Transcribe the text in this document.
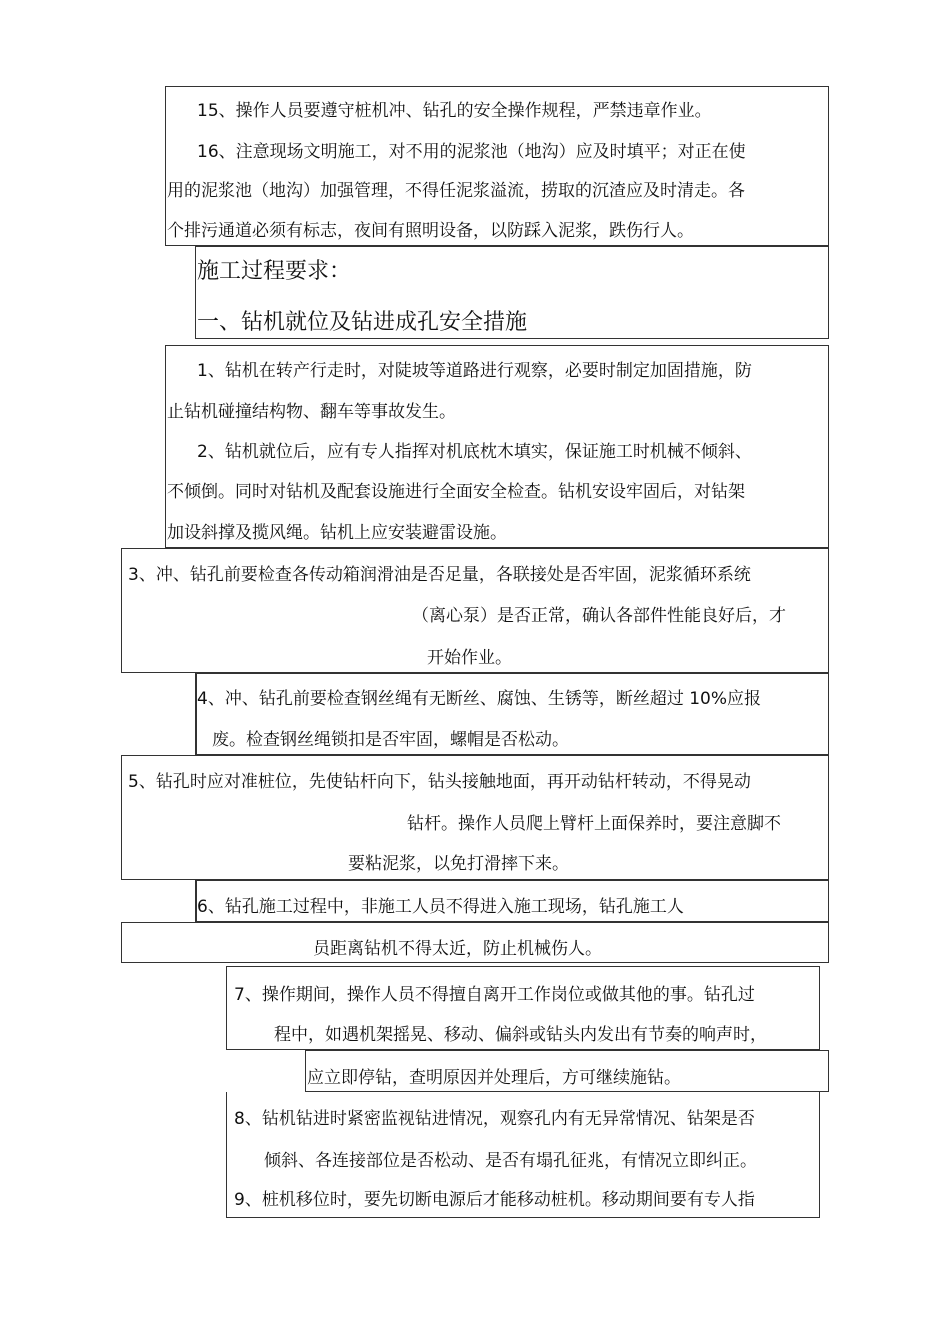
15、操作人员要遵守桩机冲、钻孔的安全操作规程，严禁违章作业。
16、注意现场文明施工，对不用的泥浆池（地沟）应及时填平；对正在使
用的泥浆池（地沟）加强管理，不得任泥浆溢流，捞取的沉渣应及时清走。各
个排污通道必须有标志，夜间有照明设备，以防踩入泥浆，跌伤行人。
施工过程要求：
一、钻机就位及钻进成孔安全措施
1、钻机在转产行走时，对陡坡等道路进行观察，必要时制定加固措施，防
止钻机碰撞结构物、翻车等事故发生。
2、钻机就位后，应有专人指挥对机底枕木填实，保证施工时机械不倾斜、
不倾倒。同时对钻机及配套设施进行全面安全检查。钻机安设牢固后，对钻架
加设斜撑及揽风绳。钻机上应安装避雷设施。
3、冲、钻孔前要检查各传动箱润滑油是否足量，各联接处是否牢固，泥浆循环系统
（离心泵）是否正常，确认各部件性能良好后，才
开始作业。
4、冲、钻孔前要检查钢丝绳有无断丝、腐蚀、生锈等，断丝超过 10%应报
废。检查钢丝绳锁扣是否牢固，螺帽是否松动。
5、钻孔时应对准桩位，先使钻杆向下，钻头接触地面，再开动钻杆转动，不得晃动
钻杆。操作人员爬上臂杆上面保养时，要注意脚不
要粘泥浆，以免打滑摔下来。
6、钻孔施工过程中，非施工人员不得进入施工现场，钻孔施工人
员距离钻机不得太近，防止机械伤人。
7、操作期间，操作人员不得擅自离开工作岗位或做其他的事。钻孔过
程中，如遇机架摇晃、移动、偏斜或钻头内发出有节奏的响声时，
应立即停钻，查明原因并处理后，方可继续施钻。
8、钻机钻进时紧密监视钻进情况，观察孔内有无异常情况、钻架是否
倾斜、各连接部位是否松动、是否有塌孔征兆，有情况立即纠正。
9、桩机移位时，要先切断电源后才能移动桩机。移动期间要有专人指
